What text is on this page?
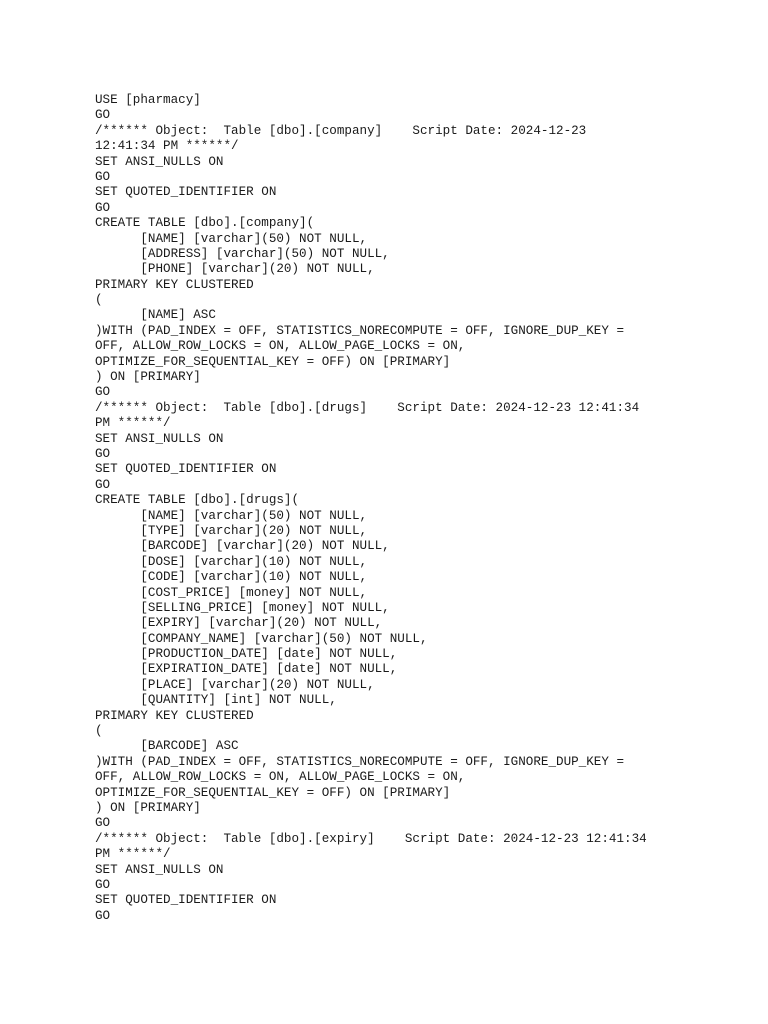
USE [pharmacy]
GO
/****** Object:  Table [dbo].[company]    Script Date: 2024-12-23
12:41:34 PM ******/
SET ANSI_NULLS ON
GO
SET QUOTED_IDENTIFIER ON
GO
CREATE TABLE [dbo].[company](
[NAME] [varchar](50) NOT NULL,
[ADDRESS] [varchar](50) NOT NULL,
[PHONE] [varchar](20) NOT NULL,
PRIMARY KEY CLUSTERED
(
[NAME] ASC
)WITH (PAD_INDEX = OFF, STATISTICS_NORECOMPUTE = OFF, IGNORE_DUP_KEY =
OFF, ALLOW_ROW_LOCKS = ON, ALLOW_PAGE_LOCKS = ON,
OPTIMIZE_FOR_SEQUENTIAL_KEY = OFF) ON [PRIMARY]
) ON [PRIMARY]
GO
/****** Object:  Table [dbo].[drugs]    Script Date: 2024-12-23 12:41:34
PM ******/
SET ANSI_NULLS ON
GO
SET QUOTED_IDENTIFIER ON
GO
CREATE TABLE [dbo].[drugs](
[NAME] [varchar](50) NOT NULL,
[TYPE] [varchar](20) NOT NULL,
[BARCODE] [varchar](20) NOT NULL,
[DOSE] [varchar](10) NOT NULL,
[CODE] [varchar](10) NOT NULL,
[COST_PRICE] [money] NOT NULL,
[SELLING_PRICE] [money] NOT NULL,
[EXPIRY] [varchar](20) NOT NULL,
[COMPANY_NAME] [varchar](50) NOT NULL,
[PRODUCTION_DATE] [date] NOT NULL,
[EXPIRATION_DATE] [date] NOT NULL,
[PLACE] [varchar](20) NOT NULL,
[QUANTITY] [int] NOT NULL,
PRIMARY KEY CLUSTERED
(
[BARCODE] ASC
)WITH (PAD_INDEX = OFF, STATISTICS_NORECOMPUTE = OFF, IGNORE_DUP_KEY =
OFF, ALLOW_ROW_LOCKS = ON, ALLOW_PAGE_LOCKS = ON,
OPTIMIZE_FOR_SEQUENTIAL_KEY = OFF) ON [PRIMARY]
) ON [PRIMARY]
GO
/****** Object:  Table [dbo].[expiry]    Script Date: 2024-12-23 12:41:34
PM ******/
SET ANSI_NULLS ON
GO
SET QUOTED_IDENTIFIER ON
GO
